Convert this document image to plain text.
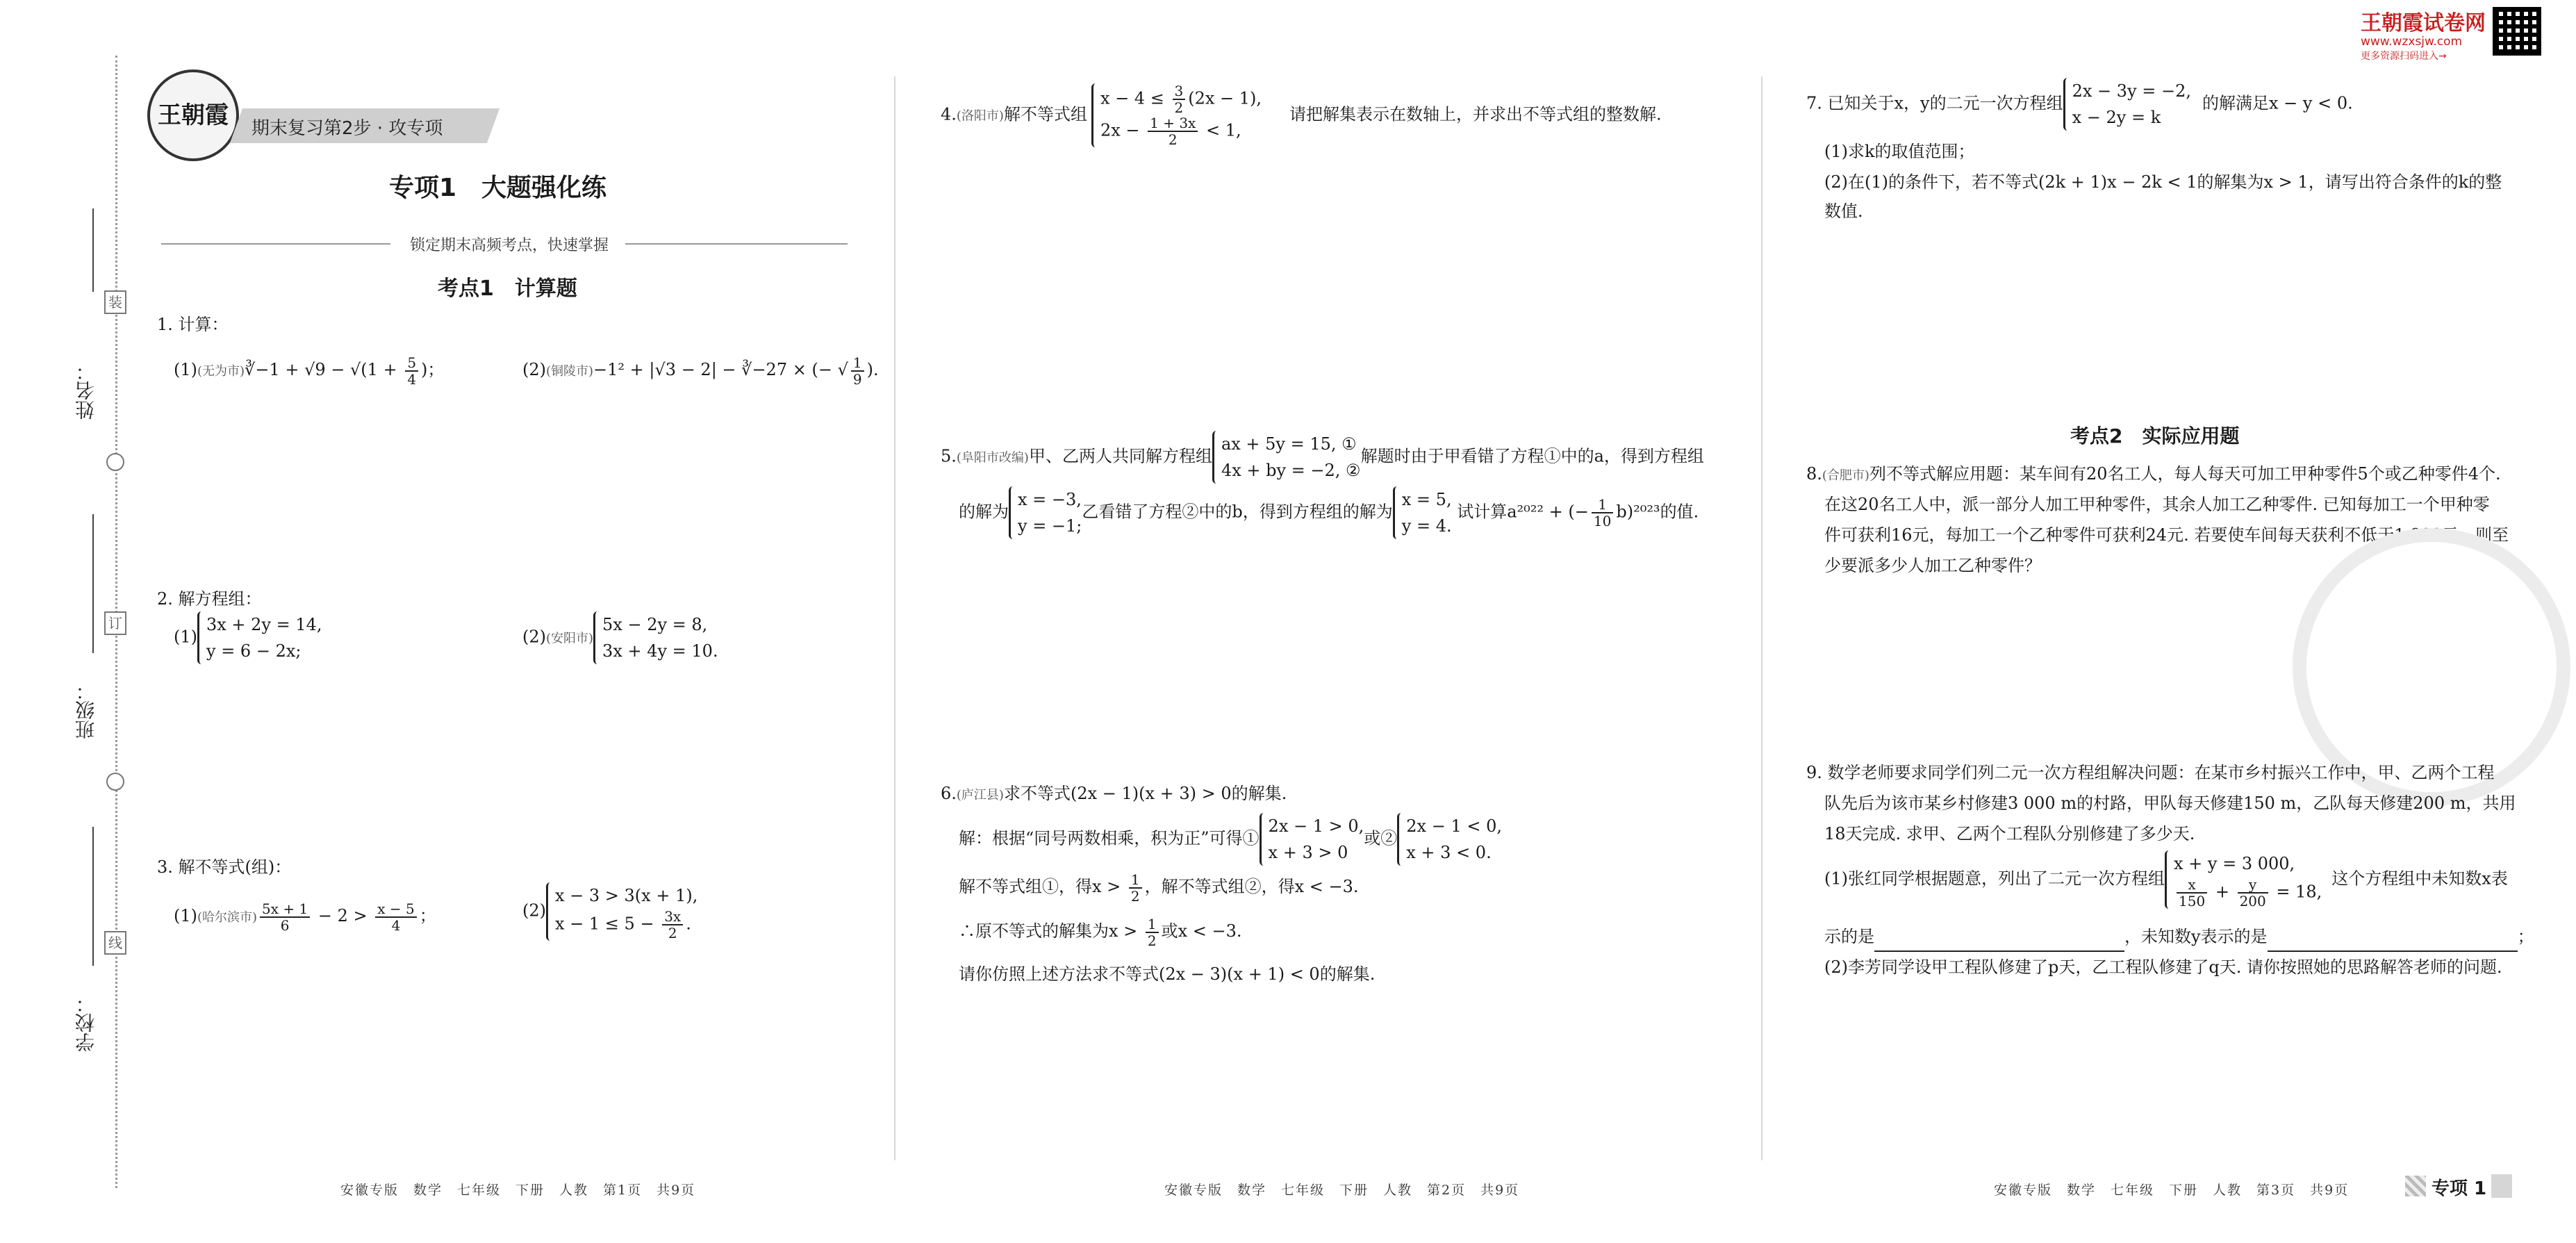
姓名：
班级：
学校：
装
订
线
王朝霞试卷网
www.wzxsjw.com
更多资源扫码进入→
王朝霞	期末复习第2步 · 攻专项
专项1　大题强化练
锁定期末高频考点，快速掌握
考点1　计算题
1. 计算：
(1)(无为市)∛−1 + $√9 - √(1 + \frac{5}{4}$ )；	(2)(铜陵市)−1² + |√3 − 2| − ∛−27 × (− √ $\frac{1}{9}$ ).
2. 解方程组：
(1)
3x + 2y = 14,
y = 6 − 2x;
(2)(安阳市)
5x − 2y = 8,
3x + 4y = 10.
3. 解不等式(组)：
(1)(哈尔滨市) $\frac{5x + 1}{6} - 2 > \frac{x - 5}{4}$ ；	(2)
x − 3 > 3(x + 1),
$x - 1 \le 5 - \frac{3x}{2}$ .
安徽专版　数学　七年级　下册　人教　第1页　共9页
4.(洛阳市)解不等式组
$x - 4 \le \frac{3}{2} (2x - 1)$,
$2x - \frac{1 + 3x}{2} < 1$,
请把解集表示在数轴上，并求出不等式组的整数解.
5.(阜阳市改编)甲、乙两人共同解方程组
ax + 5y = 15, ①
4x + by = −2, ②
解题时由于甲看错了方程①中的a，得到方程组
的解为
x = −3,
y = −1;
乙看错了方程②中的b，得到方程组的解为
x = 5,
y = 4.
试计算a²⁰²² + (− $\frac{1}{10} b)^{2023}$的值.
6.(庐江县)求不等式(2x − 1)(x + 3) > 0的解集.
解：根据“同号两数相乘，积为正”可得①
2x − 1 > 0,
x + 3 > 0
或②
2x − 1 < 0,
x + 3 < 0.
解不等式组①，得$x > \frac{1}{2}$ ，解不等式组②，得x < −3.
∴原不等式的解集为$x > \frac{1}{2}$ 或x < −3.
请你仿照上述方法求不等式(2x − 3)(x + 1) < 0的解集.
安徽专版　数学　七年级　下册　人教　第2页　共9页
7. 已知关于x，y的二元一次方程组
2x − 3y = −2,
x − 2y = k
的解满足x − y < 0.
(1)求k的取值范围；
(2)在(1)的条件下，若不等式(2k + 1)x − 2k < 1的解集为x > 1，请写出符合条件的k的整
数值.
考点2　实际应用题
8.(合肥市)列不等式解应用题：某车间有20名工人，每人每天可加工甲种零件5个或乙种零件4个.
在这20名工人中，派一部分人加工甲种零件，其余人加工乙种零件. 已知每加工一个甲种零
件可获利16元，每加工一个乙种零件可获利24元. 若要使车间每天获利不低于1 800元，则至
少要派多少人加工乙种零件？
9. 数学老师要求同学们列二元一次方程组解决问题：在某市乡村振兴工作中，甲、乙两个工程
队先后为该市某乡村修建3 000 m的村路，甲队每天修建150 m，乙队每天修建200 m，共用
18天完成. 求甲、乙两个工程队分别修建了多少天.
(1)张红同学根据题意，列出了二元一次方程组
x + y = 3 000,
$\frac{x}{150} + \frac{y}{200} = 18$,
这个方程组中未知数x表
示的是	，未知数y表示的是	；
(2)李芳同学设甲工程队修建了p天，乙工程队修建了q天. 请你按照她的思路解答老师的问题.
安徽专版　数学　七年级　下册　人教　第3页　共9页	专项 1
